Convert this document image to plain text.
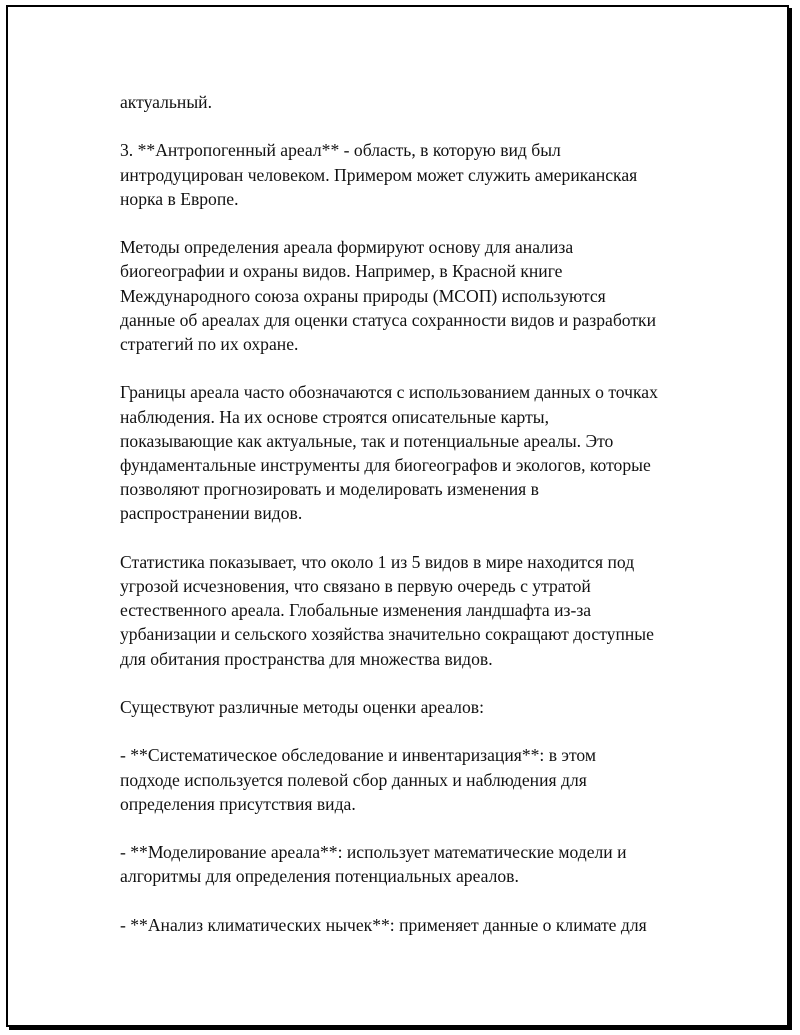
актуальный.

3. **Антропогенный ареал** - область, в которую вид был
интродуцирован человеком. Примером может служить американская
норка в Европе.

Методы определения ареала формируют основу для анализа
биогеографии и охраны видов. Например, в Красной книге
Международного союза охраны природы (МСОП) используются
данные об ареалах для оценки статуса сохранности видов и разработки
стратегий по их охране.

Границы ареала часто обозначаются с использованием данных о точках
наблюдения. На их основе строятся описательные карты,
показывающие как актуальные, так и потенциальные ареалы. Это
фундаментальные инструменты для биогеографов и экологов, которые
позволяют прогнозировать и моделировать изменения в
распространении видов.

Статистика показывает, что около 1 из 5 видов в мире находится под
угрозой исчезновения, что связано в первую очередь с утратой
естественного ареала. Глобальные изменения ландшафта из-за
урбанизации и сельского хозяйства значительно сокращают доступные
для обитания пространства для множества видов.

Существуют различные методы оценки ареалов:

- **Систематическое обследование и инвентаризация**: в этом
подходе используется полевой сбор данных и наблюдения для
определения присутствия вида.

- **Моделирование ареала**: использует математические модели и
алгоритмы для определения потенциальных ареалов.

- **Анализ климатических нычек**: применяет данные о климате для
